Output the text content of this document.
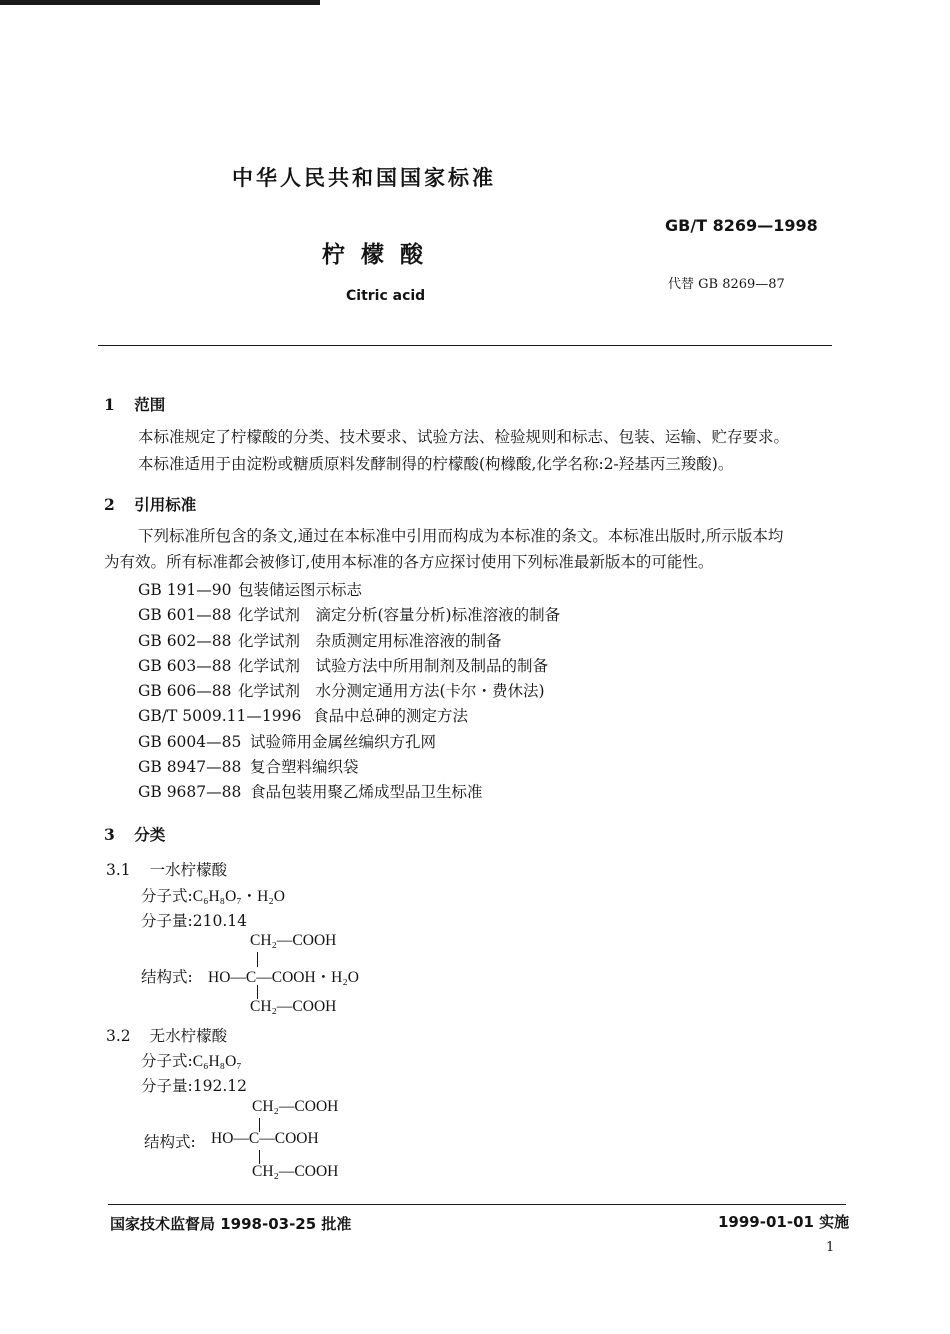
中华人民共和国国家标准
GB/T 8269—1998
柠 檬 酸
代替 GB 8269—87
Citric acid
1 范围
本标准规定了柠檬酸的分类、技术要求、试验方法、检验规则和标志、包装、运输、贮存要求。
本标准适用于由淀粉或糖质原料发酵制得的柠檬酸(枸橼酸,化学名称:2-羟基丙三羧酸)。
2 引用标准
下列标准所包含的条文,通过在本标准中引用而构成为本标准的条文。本标准出版时,所示版本均
为有效。所有标准都会被修订,使用本标准的各方应探讨使用下列标准最新版本的可能性。
GB 191—90 包装储运图示标志
GB 601—88 化学试剂　滴定分析(容量分析)标准溶液的制备
GB 602—88 化学试剂　杂质测定用标准溶液的制备
GB 603—88 化学试剂　试验方法中所用制剂及制品的制备
GB 606—88 化学试剂　水分测定通用方法(卡尔・费休法)
GB/T 5009.11—1996 食品中总砷的测定方法
GB 6004—85 试验筛用金属丝编织方孔网
GB 8947—88 复合塑料编织袋
GB 9687—88 食品包装用聚乙烯成型品卫生标准
3 分类
3.1 一水柠檬酸
分子式:C₆H₈O₇・H₂O
分子量:210.14
CH₂—COOH
结构式: HO—C—COOH・H₂O
CH₂—COOH
3.2 无水柠檬酸
分子式:C₆H₈O₇
分子量:192.12
CH₂—COOH
结构式: HO—C—COOH
CH₂—COOH
国家技术监督局 1998-03-25 批准	1999-01-01 实施
1
